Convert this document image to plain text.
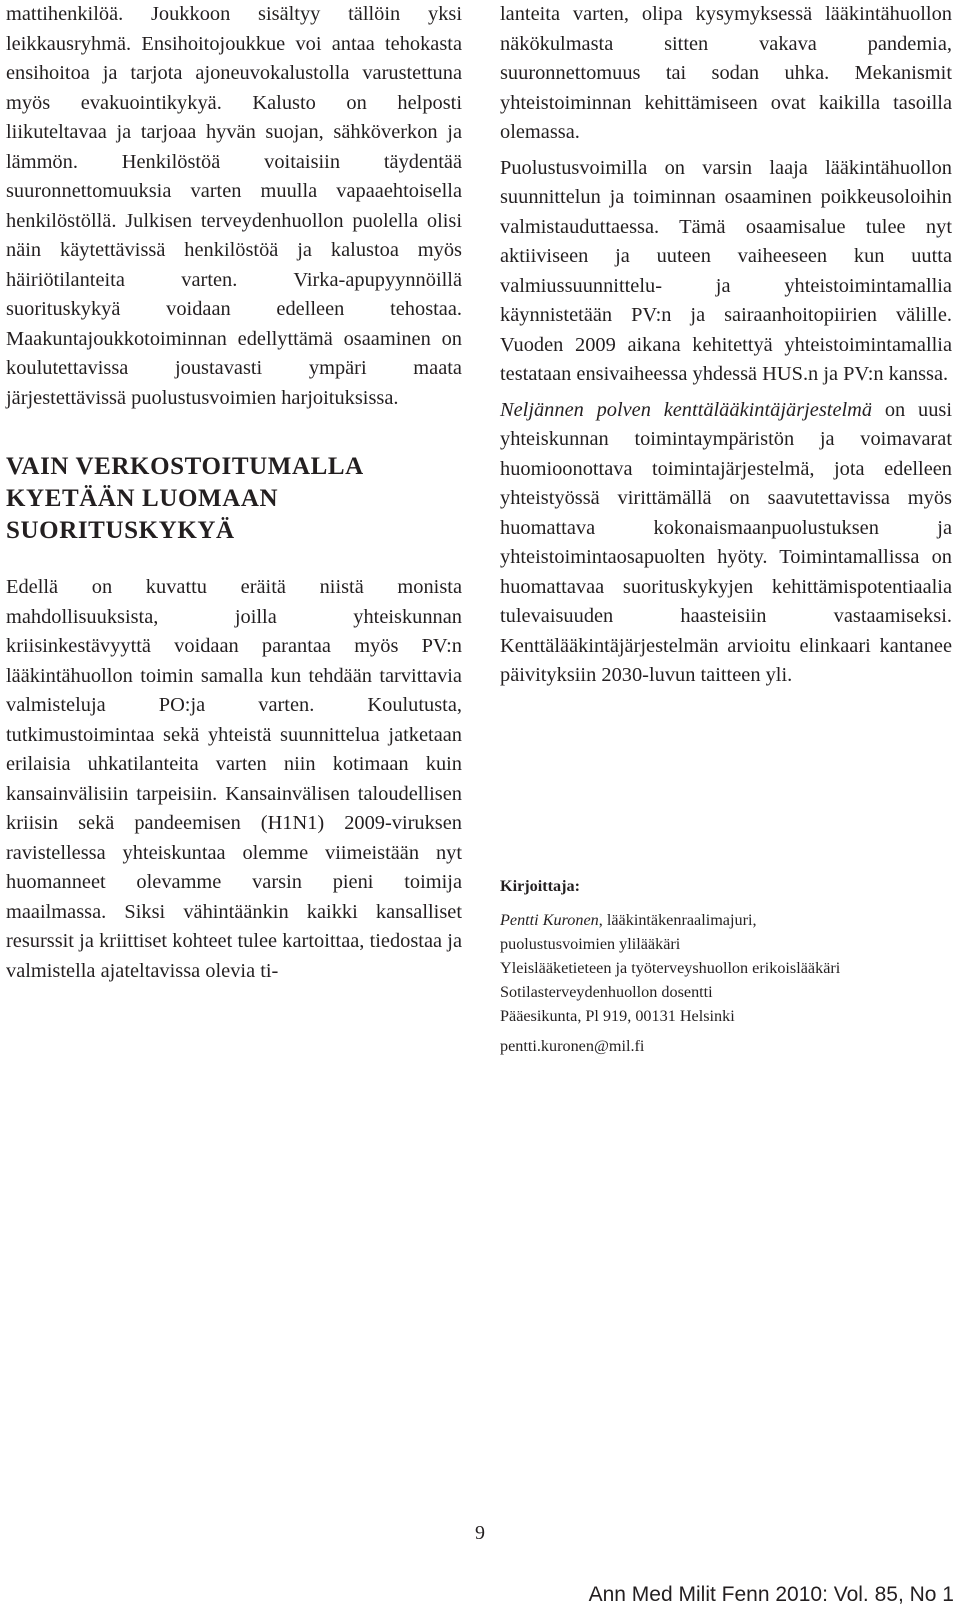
mattihenkilöä. Joukkoon sisältyy tällöin yksi leikkausryhmä. Ensihoitojoukkue voi antaa tehokasta ensihoitoa ja tarjota ajoneuvokalustolla varustettuna myös evakuointikykyä. Kalusto on helposti liikuteltavaa ja tarjoaa hyvän suojan, sähköverkon ja lämmön. Henkilöstöä voitaisiin täydentää suuronnettomuuksia varten muulla vapaaehtoisella henkilöstöllä. Julkisen terveydenhuollon puolella olisi näin käytettävissä henkilöstöä ja kalustoa myös häiriötilanteita varten. Virka-apupyynnöillä suorituskykyä voidaan edelleen tehostaa. Maakuntajoukkotoiminnan edellyttämä osaaminen on koulutettavissa joustavasti ympäri maata järjestettävissä puolustusvoimien harjoituksissa.

VAIN VERKOSTOITUMALLA
KYETÄÄN LUOMAAN
SUORITUSKYKYÄ

Edellä on kuvattu eräitä niistä monista mahdollisuuksista, joilla yhteiskunnan kriisinkestävyyttä voidaan parantaa myös PV:n lääkintähuollon toimin samalla kun tehdään tarvittavia valmisteluja PO:ja varten. Koulutusta, tutkimustoimintaa sekä yhteistä suunnittelua jatketaan erilaisia uhkatilanteita varten niin kotimaan kuin kansainvälisiin tarpeisiin. Kansainvälisen taloudellisen kriisin sekä pandeemisen (H1N1) 2009-viruksen ravistellessa yhteiskuntaa olemme viimeistään nyt huomanneet olevamme varsin pieni toimija maailmassa. Siksi vähintäänkin kaikki kansalliset resurssit ja kriittiset kohteet tulee kartoittaa, tiedostaa ja valmistella ajateltavissa olevia ti-

lanteita varten, olipa kysymyksessä lääkintähuollon näkökulmasta sitten vakava pandemia, suuronnettomuus tai sodan uhka. Mekanismit yhteistoiminnan kehittämiseen ovat kaikilla tasoilla olemassa.

Puolustusvoimilla on varsin laaja lääkintähuollon suunnittelun ja toiminnan osaaminen poikkeusoloihin valmistauduttaessa. Tämä osaamisalue tulee nyt aktiiviseen ja uuteen vaiheeseen kun uutta valmiussuunnittelu- ja yhteistoimintamallia käynnistetään PV:n ja sairaanhoitopiirien välille. Vuoden 2009 aikana kehitettyä yhteistoimintamallia testataan ensivaiheessa yhdessä HUS.n ja PV:n kanssa.

Neljännen polven kenttälääkintäjärjestelmä on uusi yhteiskunnan toimintaympäristön ja voimavarat huomioonottava toimintajärjestelmä, jota edelleen yhteistyössä virittämällä on saavutettavissa myös huomattava kokonaismaanpuolustuksen ja yhteistoimintaosapuolten hyöty. Toimintamallissa on huomattavaa suorituskykyjen kehittämispotentiaalia tulevaisuuden haasteisiin vastaamiseksi. Kenttälääkintäjärjestelmän arvioitu elinkaari kantanee päivityksiin 2030-luvun taitteen yli.

Kirjoittaja:
Pentti Kuronen, lääkintäkenraalimajuri,
puolustusvoimien ylilääkäri
Yleislääketieteen ja työterveyshuollon erikoislääkäri
Sotilasterveydenhuollon dosentti
Pääesikunta, Pl 919, 00131 Helsinki
pentti.kuronen@mil.fi
9
Ann Med Milit Fenn 2010: Vol. 85, No 1
